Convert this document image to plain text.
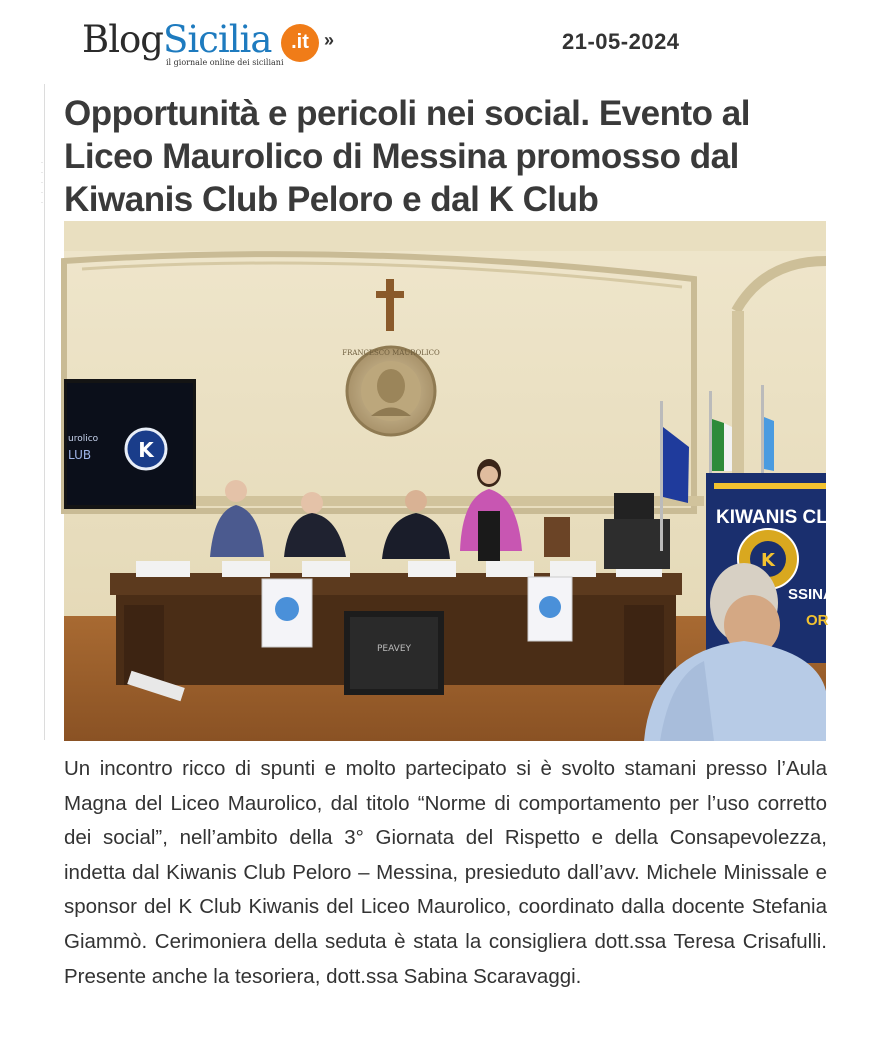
BlogSicilia .it
il giornale online dei siciliani
»	21-05-2024
·
·
·
·
·
Opportunità e pericoli nei social. Evento al Liceo Maurolico di Messina promosso dal Kiwanis Club Peloro e dal K Club
FRANCESCO MAUROLICO
K
urolico
LUB
PEAVEY
KIWANIS CLU
K
SSINA
OR

Un incontro ricco di spunti e molto partecipato si è svolto stamani presso l’Aula Magna del Liceo Maurolico, dal titolo “Norme di comportamento per l’uso corretto dei social”, nell’ambito della 3° Giornata del Rispetto e della Consapevolezza, indetta dal Kiwanis Club Peloro – Messina, presieduto dall’avv. Michele Minissale e sponsor del K Club Kiwanis del Liceo Maurolico, coordinato dalla docente Stefania Giammò. Cerimoniera della seduta è stata la consigliera dott.ssa Teresa Crisafulli. Presente anche la tesoriera, dott.ssa Sabina Scaravaggi.
